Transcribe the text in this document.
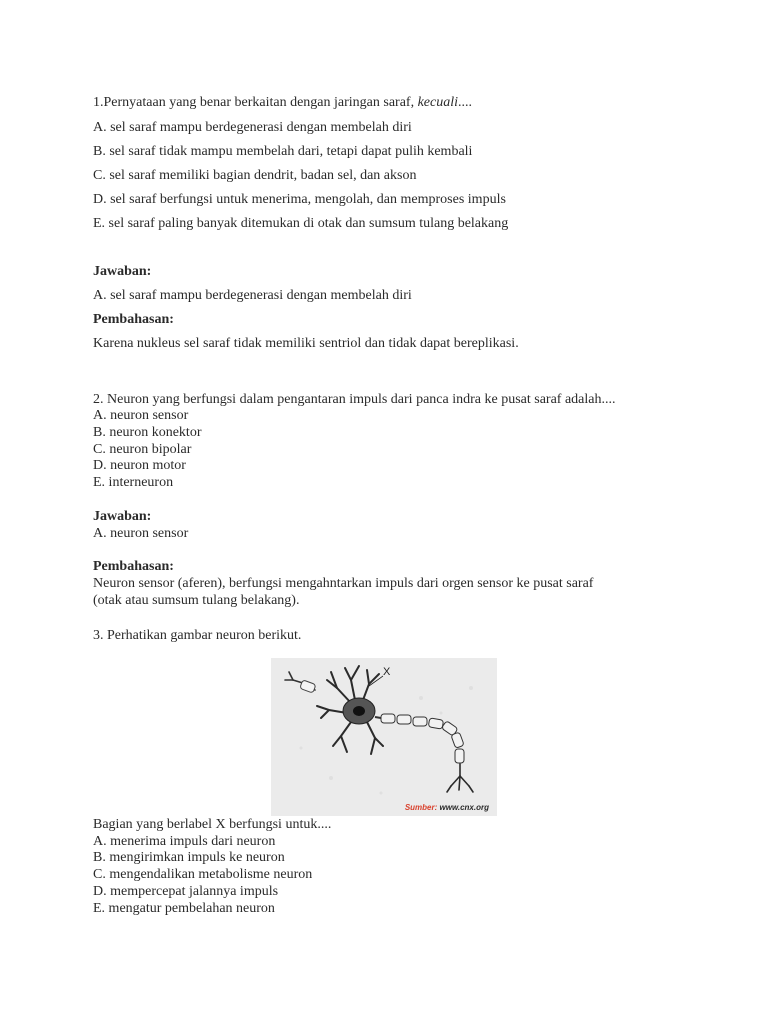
1.Pernyataan yang benar berkaitan dengan jaringan saraf, kecuali....
A. sel saraf mampu berdegenerasi dengan membelah diri
B. sel saraf tidak mampu membelah dari, tetapi dapat pulih kembali
C. sel saraf memiliki bagian dendrit, badan sel, dan akson
D. sel saraf berfungsi untuk menerima, mengolah, dan memproses impuls
E. sel saraf paling banyak ditemukan di otak dan sumsum tulang belakang
Jawaban:
A. sel saraf mampu berdegenerasi dengan membelah diri
Pembahasan:
Karena nukleus sel saraf tidak memiliki sentriol dan tidak dapat bereplikasi.
2. Neuron yang berfungsi dalam pengantaran impuls dari panca indra ke pusat saraf adalah....
A. neuron sensor
B. neuron konektor
C. neuron bipolar
D. neuron motor
E. interneuron
Jawaban:
A. neuron sensor
Pembahasan:
Neuron sensor (aferen), berfungsi mengahntarkan impuls dari orgen sensor ke pusat saraf
(otak atau sumsum tulang belakang).
3. Perhatikan gambar neuron berikut.
X
Sumber: www.cnx.org
Bagian yang berlabel X berfungsi untuk....
A. menerima impuls dari neuron
B. mengirimkan impuls ke neuron
C. mengendalikan metabolisme neuron
D. mempercepat jalannya impuls
E. mengatur pembelahan neuron
